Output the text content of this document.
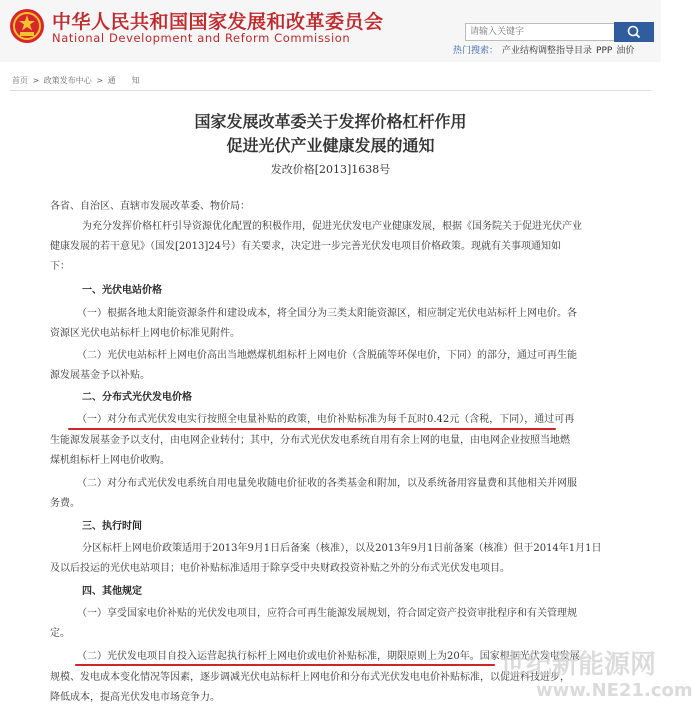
中华人民共和国国家发展和改革委员会
National Development and Reform Commission
请输入关键字
热门搜索： 产业结构调整指导目录 PPP 油价
首页 > 政策发布中心 > 通　　知
国家发展改革委关于发挥价格杠杆作用
促进光伏产业健康发展的通知
发改价格[2013]1638号
各省、自治区、直辖市发展改革委、物价局：
　　为充分发挥价格杠杆引导资源优化配置的积极作用，促进光伏发电产业健康发展，根据《国务院关于促进光伏产业
健康发展的若干意见》（国发[2013]24号）有关要求，决定进一步完善光伏发电项目价格政策。现就有关事项通知如
下：
　　一、光伏电站价格
　　（一）根据各地太阳能资源条件和建设成本，将全国分为三类太阳能资源区，相应制定光伏电站标杆上网电价。各
资源区光伏电站标杆上网电价标准见附件。
　　（二）光伏电站标杆上网电价高出当地燃煤机组标杆上网电价（含脱硫等环保电价，下同）的部分，通过可再生能
源发展基金予以补贴。
　　二、分布式光伏发电价格
　　（一）对分布式光伏发电实行按照全电量补贴的政策，电价补贴标准为每千瓦时0.42元（含税，下同），通过可再
生能源发展基金予以支付，由电网企业转付；其中，分布式光伏发电系统自用有余上网的电量，由电网企业按照当地燃
煤机组标杆上网电价收购。
　　（二）对分布式光伏发电系统自用电量免收随电价征收的各类基金和附加，以及系统备用容量费和其他相关并网服
务费。
　　三、执行时间
　　分区标杆上网电价政策适用于2013年9月1日后备案（核准），以及2013年9月1日前备案（核准）但于2014年1月1日
及以后投运的光伏电站项目；电价补贴标准适用于除享受中央财政投资补贴之外的分布式光伏发电项目。
　　四、其他规定
　　（一）享受国家电价补贴的光伏发电项目，应符合可再生能源发展规划，符合固定资产投资审批程序和有关管理规
定。
　　（二）光伏发电项目自投入运营起执行标杆上网电价或电价补贴标准，期限原则上为20年。国家根据光伏发电发展
规模、发电成本变化情况等因素，逐步调减光伏电站标杆上网电价和分布式光伏发电电价补贴标准，以促进科技进步，
降低成本，提高光伏发电市场竞争力。
世纪新能源网
www.NE21.com
